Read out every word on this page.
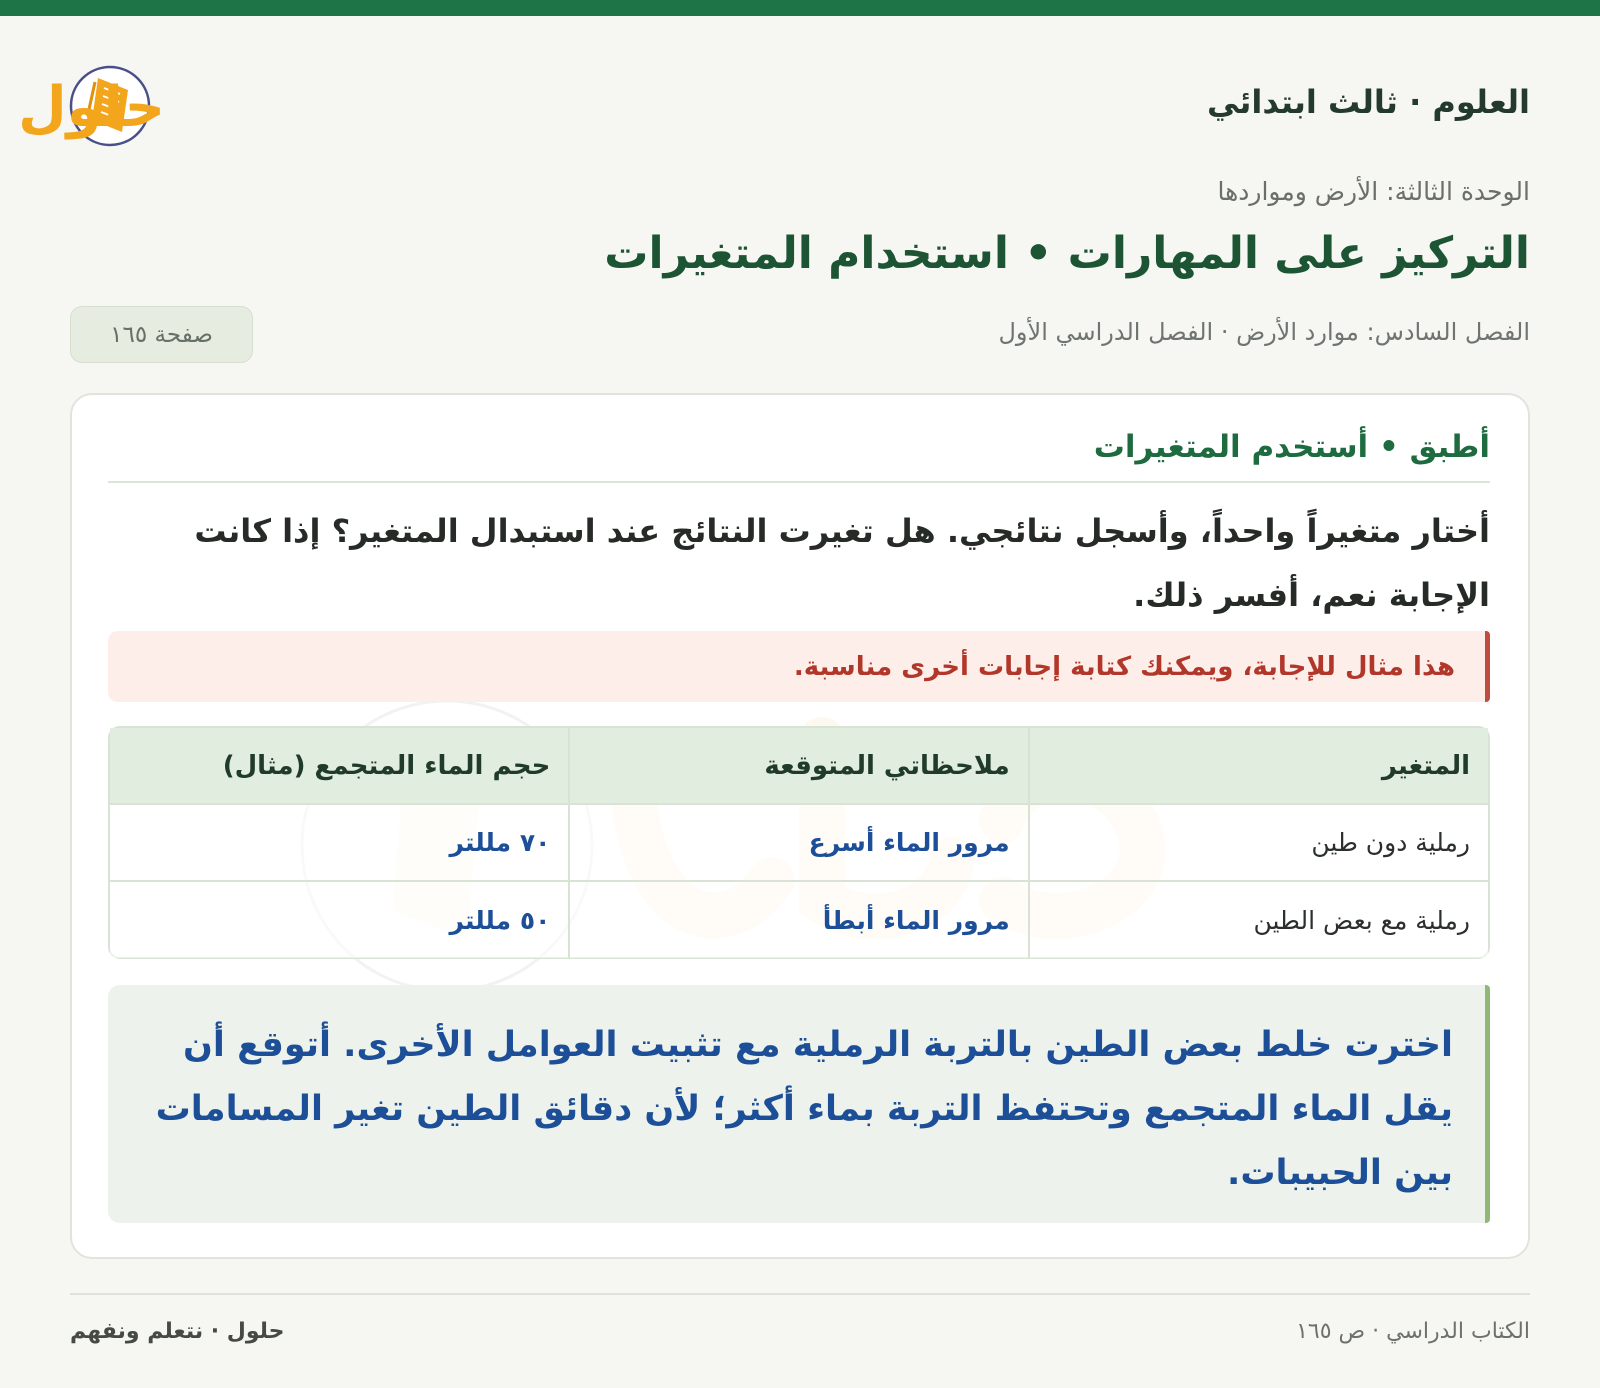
العلوم · ثالث ابتدائي
حلول
الوحدة الثالثة: الأرض ومواردها
التركيز على المهارات • استخدام المتغيرات
الفصل السادس: موارد الأرض · الفصل الدراسي الأول
صفحة ١٦٥
أطبق • أستخدم المتغيرات
أختار متغيراً واحداً، وأسجل نتائجي. هل تغيرت النتائج عند استبدال المتغير؟ إذا كانت الإجابة نعم، أفسر ذلك.
هذا مثال للإجابة، ويمكنك كتابة إجابات أخرى مناسبة.
المتغير	ملاحظاتي المتوقعة	حجم الماء المتجمع (مثال)
رملية دون طين	مرور الماء أسرع	٧٠ مللتر
رملية مع بعض الطين	مرور الماء أبطأ	٥٠ مللتر
اخترت خلط بعض الطين بالتربة الرملية مع تثبيت العوامل الأخرى. أتوقع أن يقل الماء المتجمع وتحتفظ التربة بماء أكثر؛ لأن دقائق الطين تغير المسامات بين الحبيبات.
حلول · نتعلم ونفهم	الكتاب الدراسي · ص ١٦٥
